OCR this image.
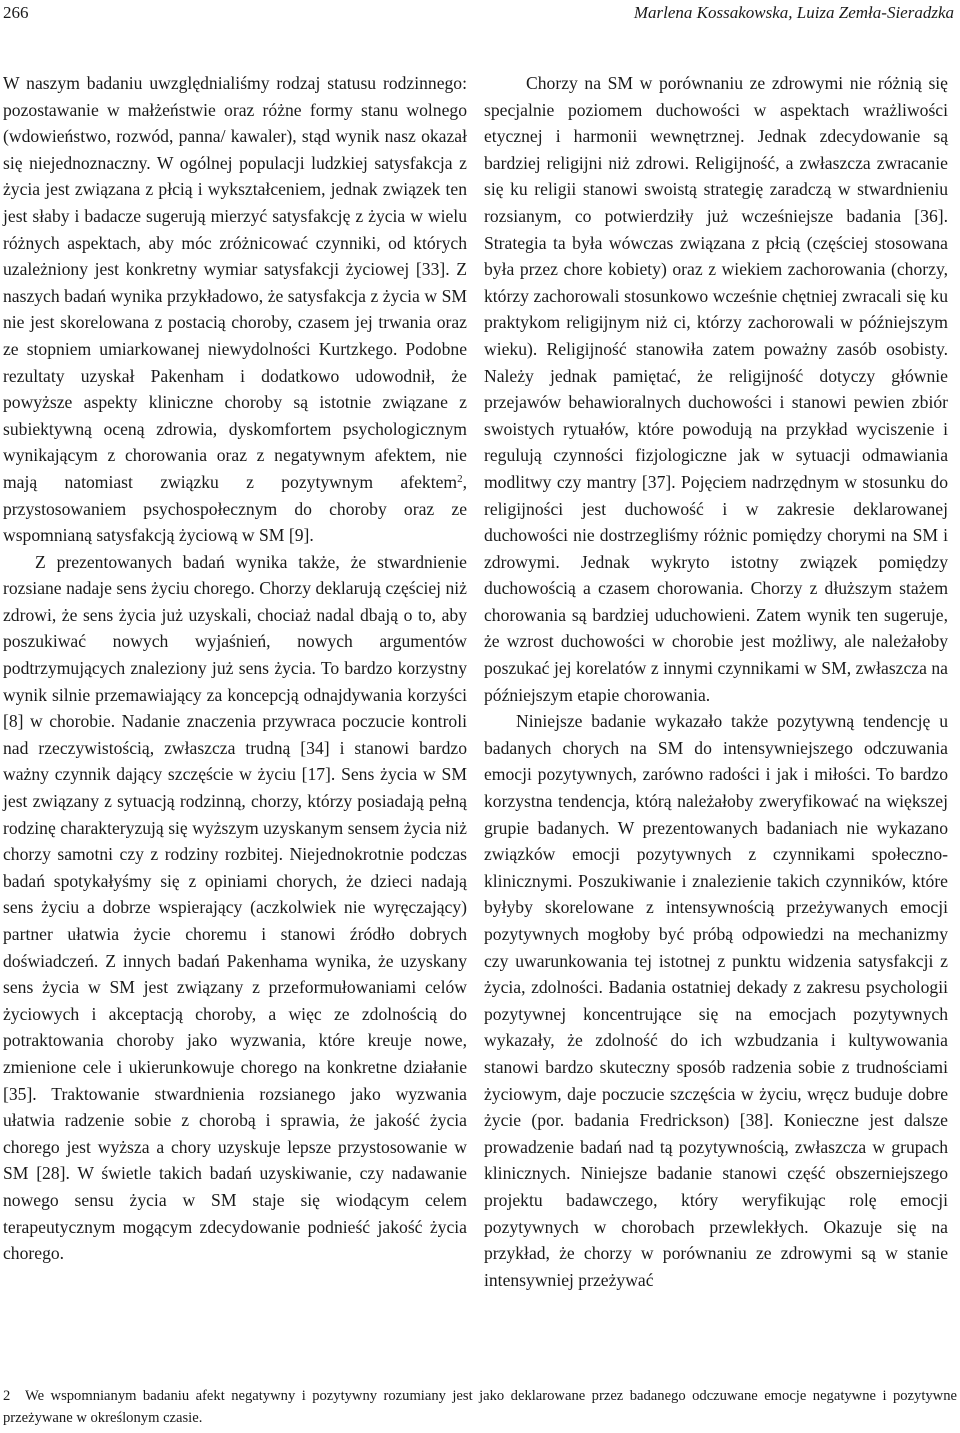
266	Marlena Kossakowska, Luiza Zemła-Sieradzka

W naszym badaniu uwzględnialiśmy rodzaj statusu rodzinnego: pozostawanie w małżeństwie oraz różne formy stanu wolnego (wdowieństwo, rozwód, panna/ kawaler), stąd wynik nasz okazał się niejednoznaczny. W ogólnej populacji ludzkiej satysfakcja z życia jest związana z płcią i wykształceniem, jednak związek ten jest słaby i badacze sugerują mierzyć satysfakcję z życia w wielu różnych aspektach, aby móc zróżnicować czynniki, od których uzależniony jest konkretny wymiar satysfakcji życiowej [33]. Z naszych badań wynika przykładowo, że satysfakcja z życia w SM nie jest skorelowana z postacią choroby, czasem jej trwania oraz ze stopniem umiarkowanej niewydolności Kurtzkego. Podobne rezultaty uzyskał Pakenham i dodatkowo udowodnił, że powyższe aspekty kliniczne choroby są istotnie związane z subiektywną oceną zdrowia, dyskomfortem psychologicznym wynikającym z chorowania oraz z negatywnym afektem, nie mają natomiast związku z pozytywnym afektem$^2$, przystosowaniem psychospołecznym do choroby oraz ze wspomnianą satysfakcją życiową w SM [9].

Z prezentowanych badań wynika także, że stwardnienie rozsiane nadaje sens życiu chorego. Chorzy deklarują częściej niż zdrowi, że sens życia już uzyskali, chociaż nadal dbają o to, aby poszukiwać nowych wyjaśnień, nowych argumentów podtrzymujących znaleziony już sens życia. To bardzo korzystny wynik silnie przemawiający za koncepcją odnajdywania korzyści [8] w chorobie. Nadanie znaczenia przywraca poczucie kontroli nad rzeczywistością, zwłaszcza trudną [34] i stanowi bardzo ważny czynnik dający szczęście w życiu [17]. Sens życia w SM jest związany z sytuacją rodzinną, chorzy, którzy posiadają pełną rodzinę charakteryzują się wyższym uzyskanym sensem życia niż chorzy samotni czy z rodziny rozbitej. Niejednokrotnie podczas badań spotykałyśmy się z opiniami chorych, że dzieci nadają sens życiu a dobrze wspierający (aczkolwiek nie wyręczający) partner ułatwia życie choremu i stanowi źródło dobrych doświadczeń. Z innych badań Pakenhama wynika, że uzyskany sens życia w SM jest związany z przeformułowaniami celów życiowych i akceptacją choroby, a więc ze zdolnością do potraktowania choroby jako wyzwania, które kreuje nowe, zmienione cele i ukierunkowuje chorego na konkretne działanie [35]. Traktowanie stwardnienia rozsianego jako wyzwania ułatwia radzenie sobie z chorobą i sprawia, że jakość życia chorego jest wyższa a chory uzyskuje lepsze przystosowanie w SM [28]. W świetle takich badań uzyskiwanie, czy nadawanie nowego sensu życia w SM staje się wiodącym celem terapeutycznym mogącym zdecydowanie podnieść jakość życia chorego.

Chorzy na SM w porównaniu ze zdrowymi nie różnią się specjalnie poziomem duchowości w aspektach wrażliwości etycznej i harmonii wewnętrznej. Jednak zdecydowanie są bardziej religijni niż zdrowi. Religijność, a zwłaszcza zwracanie się ku religii stanowi swoistą strategię zaradczą w stwardnieniu rozsianym, co potwierdziły już wcześniejsze badania [36]. Strategia ta była wówczas związana z płcią (częściej stosowana była przez chore kobiety) oraz z wiekiem zachorowania (chorzy, którzy zachorowali stosunkowo wcześnie chętniej zwracali się ku praktykom religijnym niż ci, którzy zachorowali w późniejszym wieku). Religijność stanowiła zatem poważny zasób osobisty. Należy jednak pamiętać, że religijność dotyczy głównie przejawów behawioralnych duchowości i stanowi pewien zbiór swoistych rytuałów, które powodują na przykład wyciszenie i regulują czynności fizjologiczne jak w sytuacji odmawiania modlitwy czy mantry [37]. Pojęciem nadrzędnym w stosunku do religijności jest duchowość i w zakresie deklarowanej duchowości nie dostrzegliśmy różnic pomiędzy chorymi na SM i zdrowymi. Jednak wykryto istotny związek pomiędzy duchowością a czasem chorowania. Chorzy z dłuższym stażem chorowania są bardziej uduchowieni. Zatem wynik ten sugeruje, że wzrost duchowości w chorobie jest możliwy, ale należałoby poszukać jej korelatów z innymi czynnikami w SM, zwłaszcza na późniejszym etapie chorowania.

Niniejsze badanie wykazało także pozytywną tendencję u badanych chorych na SM do intensywniejszego odczuwania emocji pozytywnych, zarówno radości i jak i miłości. To bardzo korzystna tendencja, którą należałoby zweryfikować na większej grupie badanych. W prezentowanych badaniach nie wykazano związków emocji pozytywnych z czynnikami społeczno-klinicznymi. Poszukiwanie i znalezienie takich czynników, które byłyby skorelowane z intensywnością przeżywanych emocji pozytywnych mogłoby być próbą odpowiedzi na mechanizmy czy uwarunkowania tej istotnej z punktu widzenia satysfakcji z życia, zdolności. Badania ostatniej dekady z zakresu psychologii pozytywnej koncentrujące się na emocjach pozytywnych wykazały, że zdolność do ich wzbudzania i kultywowania stanowi bardzo skuteczny sposób radzenia sobie z trudnościami życiowym, daje poczucie szczęścia w życiu, wręcz buduje dobre życie (por. badania Fredrickson) [38]. Konieczne jest dalsze prowadzenie badań nad tą pozytywnością, zwłaszcza w grupach klinicznych. Niniejsze badanie stanowi część obszerniejszego projektu badawczego, który weryfikując rolę emocji pozytywnych w chorobach przewlekłych. Okazuje się na przykład, że chorzy w porównaniu ze zdrowymi są w stanie intensywniej przeżywać

2 We wspomnianym badaniu afekt negatywny i pozytywny rozumiany jest jako deklarowane przez badanego odczuwane emocje negatywne i pozytywne przeżywane w określonym czasie.
